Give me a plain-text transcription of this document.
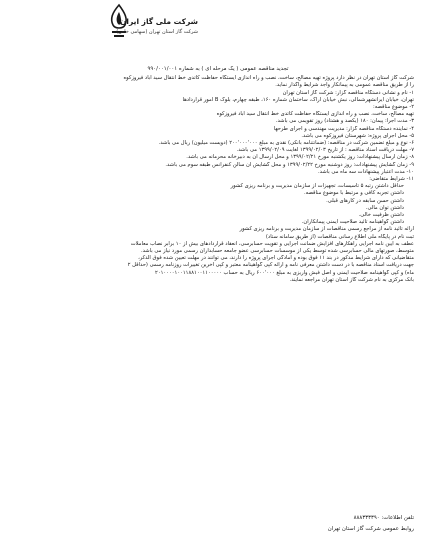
شرکت ملی گاز ایران
شرکت گاز استان تهران (سهامی خاص)
تجدید مناقصه عمومی ( یک مرحله ای ) به شماره ۹۹۰/۰۰۱/۰۰۱
شرکت گاز استان تهران در نظر دارد پروژه تهیه مصالح، ساخت، نصب و راه اندازی ایستگاه حفاظت کاتدی خط انتقال سید آباد فیروزکوه
را از طریق مناقصه عمومی به پیمانکار واجد شرایط واگذار نماید.
۱- نام و نشانی دستگاه مناقصه گزار: شرکت گاز استان تهران
تهران، خیابان ایرانشهرشمالی، نبش خیابان اراک، ساختمان شماره ۱۶۰، طبقه چهارم، بلوک B امور قراردادها
۲- موضوع مناقصه:
تهیه مصالح، ساخت، نصب و راه اندازی ایستگاه حفاظت کاتدی خط انتقال سید آباد فیروزکوه
۳- مدت اجرا: پیمان: ۱۸۰ (یکصد و هشتاد) روز تقویمی می باشد.
۴- نماینده دستگاه مناقصه گزار: مدیریت مهندسی و اجرای طرحها
۵- محل اجرای پروژه: شهرستان فیروزکوه می باشد.
۶- نوع و مبلغ تضمین شرکت در مناقصه: (ضمانتنامه بانکی) نقدی به مبلغ ۲۰۰٬۰۰۰٬۰۰۰ (دویست میلیون) ریال می باشد.
۷- مهلت دریافت اسناد مناقصه : از تاریخ ۱۳۹۹/۰۲/۰۳ لغایت ۱۳۹۹/۰۲/۰۹ می باشد.
۸- زمان ارسال پیشنهادات: روز یکشنبه مورخ ۱۳۹۹/۰۲/۲۱ و محل ارسال آن به دبیرخانه محرمانه می باشد.
۹- زمان گشایش پیشنهادات: روز دوشنبه مورخ ۱۳۹۹/۰۲/۲۲ و محل گشایش آن سالن کنفرانس طبقه سوم می باشد.
۱۰- مدت اعتبار پیشنهادات سه ماه می باشد.
۱۱- شرایط متقاضی:
حداقل داشتن رتبه ۵ تاسیسات، تجهیزات از سازمان مدیریت و برنامه ریزی کشور
داشتن تجربه کافی و مرتبط با موضوع مناقصه.
داشتن حسن سابقه در کارهای قبلی.
داشتن توان مالی.
داشتن ظرفیت خالی.
داشتن گواهینامه تائید صلاحیت ایمنی پیمانکاران.
ارائه تائید نامه از مراجع رسمی مناقصات از سازمان مدیریت و برنامه ریزی کشور
ثبت نام در پایگاه ملی اطلاع رسانی مناقصات (از طریق سامانه ستاد)
عطف به آیین نامه اجرایی راهکارهای افزایش ضمانت اجرایی و تقویت حسابرسی، انعقاد قراردادهای بیش از ۱۰ برابر نصاب معاملات
متوسط، صورتهای مالی حسابرسی شده توسط یکی از موسسات حسابرسی عضو جامعه حسابداران رسمی مورد نیاز می باشد.
متقاضیانی که دارای شرایط مذکور در بند ۱۱ فوق بوده و آمادگی اجرای پروژه را دارند، می توانند در مهلت تعیین شده فوق الذکر،
جهت دریافت اسناد مناقصه با در دست داشتن معرفی نامه و ارائه کپی گواهینامه معتبر و کپی آخرین تغییرات روزنامه رسمی (حداقل ۲
ماه) و کپی گواهینامه صلاحیت ایمنی و اصل فیش واریزی به مبلغ ۶۰۰٬۰۰۰ ریال به حساب ۲۰۱۰۰۰۰۱۰۰۱۱۸۸۱۰۰۱۱۰۰۰۰۰
بانک مرکزی به نام شرکت گاز استان تهران مراجعه نمایند.
تلفن اطلاعات: ۸۸۸۳۳۳۳۹۰
روابط عمومی شرکت گاز استان تهران
